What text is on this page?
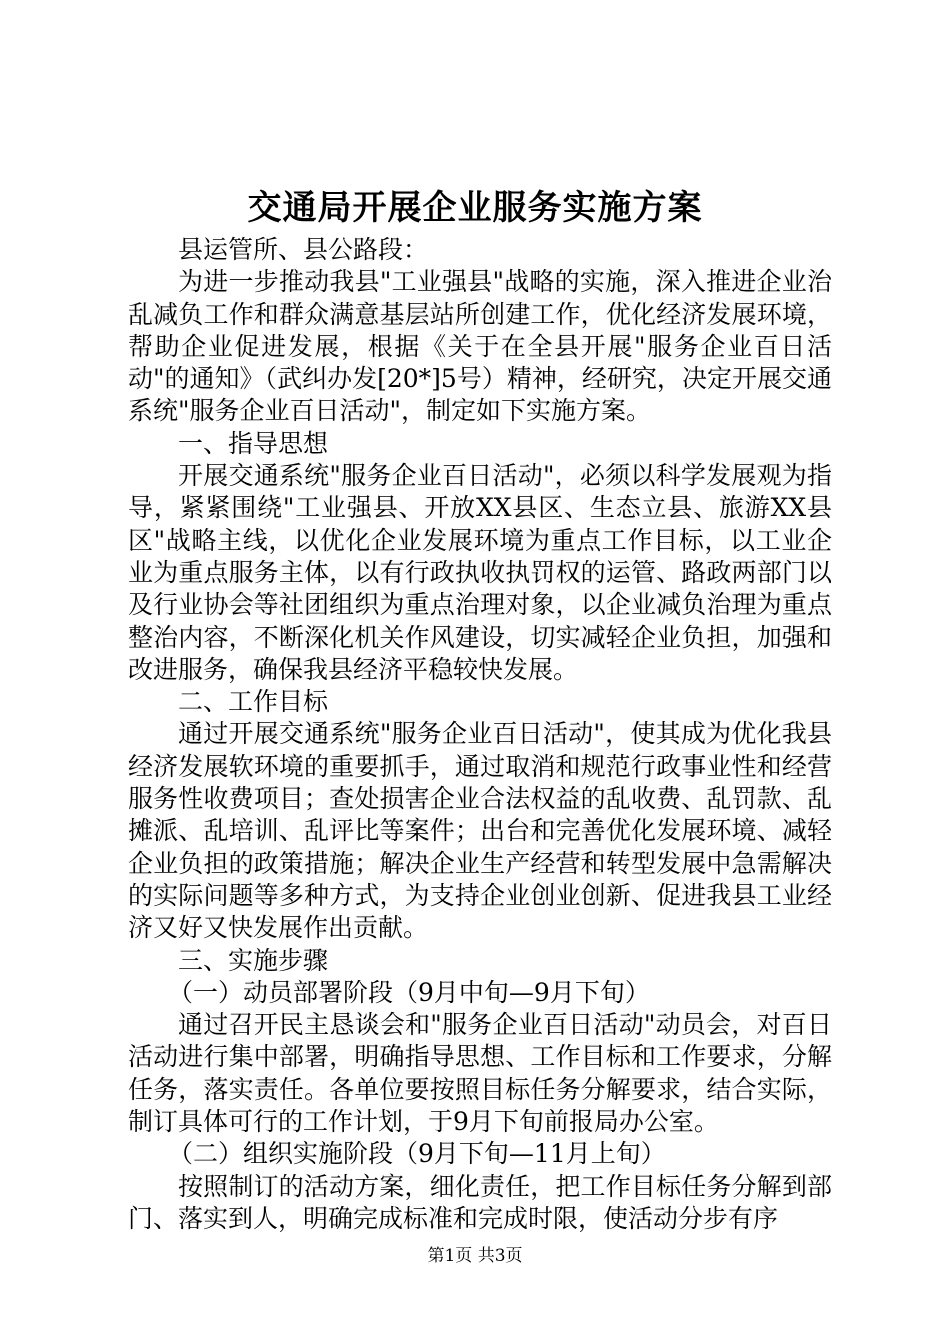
交通局开展企业服务实施方案

县运管所、县公路段：

为进一步推动我县"工业强县"战略的实施，深入推进企业治乱减负工作和群众满意基层站所创建工作，优化经济发展环境，帮助企业促进发展，根据《关于在全县开展"服务企业百日活动"的通知》（武纠办发[20*]5号）精神，经研究，决定开展交通系统"服务企业百日活动"，制定如下实施方案。

一、指导思想

开展交通系统"服务企业百日活动"，必须以科学发展观为指导，紧紧围绕"工业强县、开放XX县区、生态立县、旅游XX县区"战略主线，以优化企业发展环境为重点工作目标，以工业企业为重点服务主体，以有行政执收执罚权的运管、路政两部门以及行业协会等社团组织为重点治理对象，以企业减负治理为重点整治内容，不断深化机关作风建设，切实减轻企业负担，加强和改进服务，确保我县经济平稳较快发展。

二、工作目标

通过开展交通系统"服务企业百日活动"，使其成为优化我县经济发展软环境的重要抓手，通过取消和规范行政事业性和经营服务性收费项目；查处损害企业合法权益的乱收费、乱罚款、乱摊派、乱培训、乱评比等案件；出台和完善优化发展环境、减轻企业负担的政策措施；解决企业生产经营和转型发展中急需解决的实际问题等多种方式，为支持企业创业创新、促进我县工业经济又好又快发展作出贡献。

三、实施步骤

（一）动员部署阶段（9月中旬—9月下旬）

通过召开民主恳谈会和"服务企业百日活动"动员会，对百日活动进行集中部署，明确指导思想、工作目标和工作要求，分解任务，落实责任。各单位要按照目标任务分解要求，结合实际，制订具体可行的工作计划，于9月下旬前报局办公室。

（二）组织实施阶段（9月下旬—11月上旬）

按照制订的活动方案，细化责任，把工作目标任务分解到部门、落实到人，明确完成标准和完成时限，使活动分步有序

第1页 共3页
